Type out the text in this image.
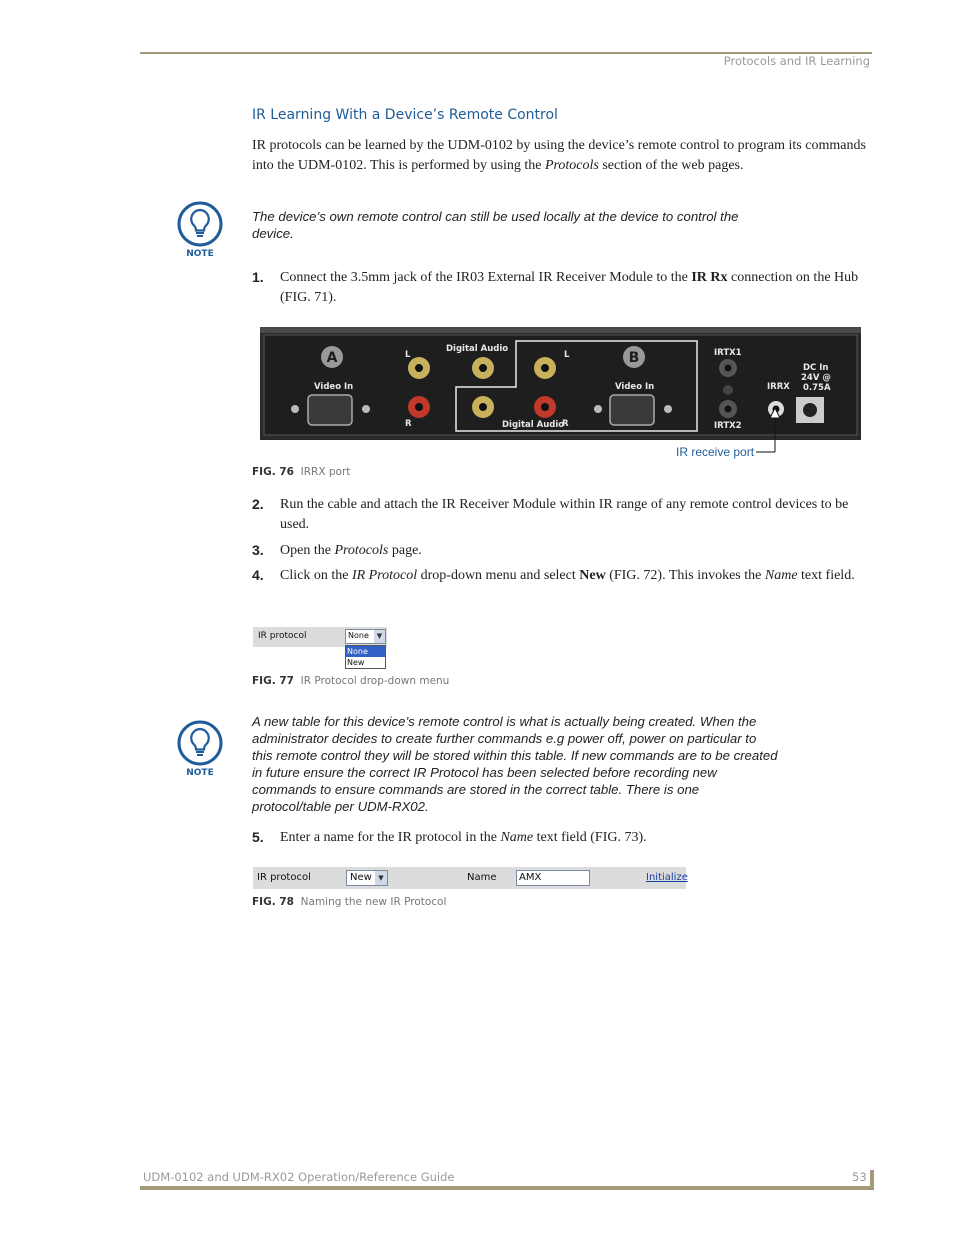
Protocols and IR Learning
IR Learning With a Device’s Remote Control
IR protocols can be learned by the UDM-0102 by using the device’s remote control to program its commands into the UDM-0102. This is performed by using the Protocols section of the web pages.
NOTE
The device’s own remote control can still be used locally at the device to control the device.
1. Connect the 3.5mm jack of the IR03 External IR Receiver Module to the IR Rx connection on the Hub (FIG. 71).
A	B
Video In	Video In
L
R
L
R
Digital Audio
Digital Audio
IRTX1
IRTX2
IRRX
DC In
24V @
0.75A
IR receive port
FIG. 76 IRRX port
2. Run the cable and attach the IR Receiver Module within IR range of any remote control devices to be used.
3. Open the Protocols page.
4. Click on the IR Protocol drop-down menu and select New (FIG. 72). This invokes the Name text field.
IR protocol	None	▼
None
New
FIG. 77 IR Protocol drop-down menu
NOTE
A new table for this device’s remote control is what is actually being created. When the administrator decides to create further commands e.g power off, power on particular to this remote control they will be stored within this table. If new commands are to be created in future ensure the correct IR Protocol has been selected before recording new commands to ensure commands are stored in the correct table. There is one protocol/table per UDM-RX02.
5. Enter a name for the IR protocol in the Name text field (FIG. 73).
IR protocol	New ▼	Name AMX	Initialize
FIG. 78 Naming the new IR Protocol
UDM-0102 and UDM-RX02 Operation/Reference Guide	53
